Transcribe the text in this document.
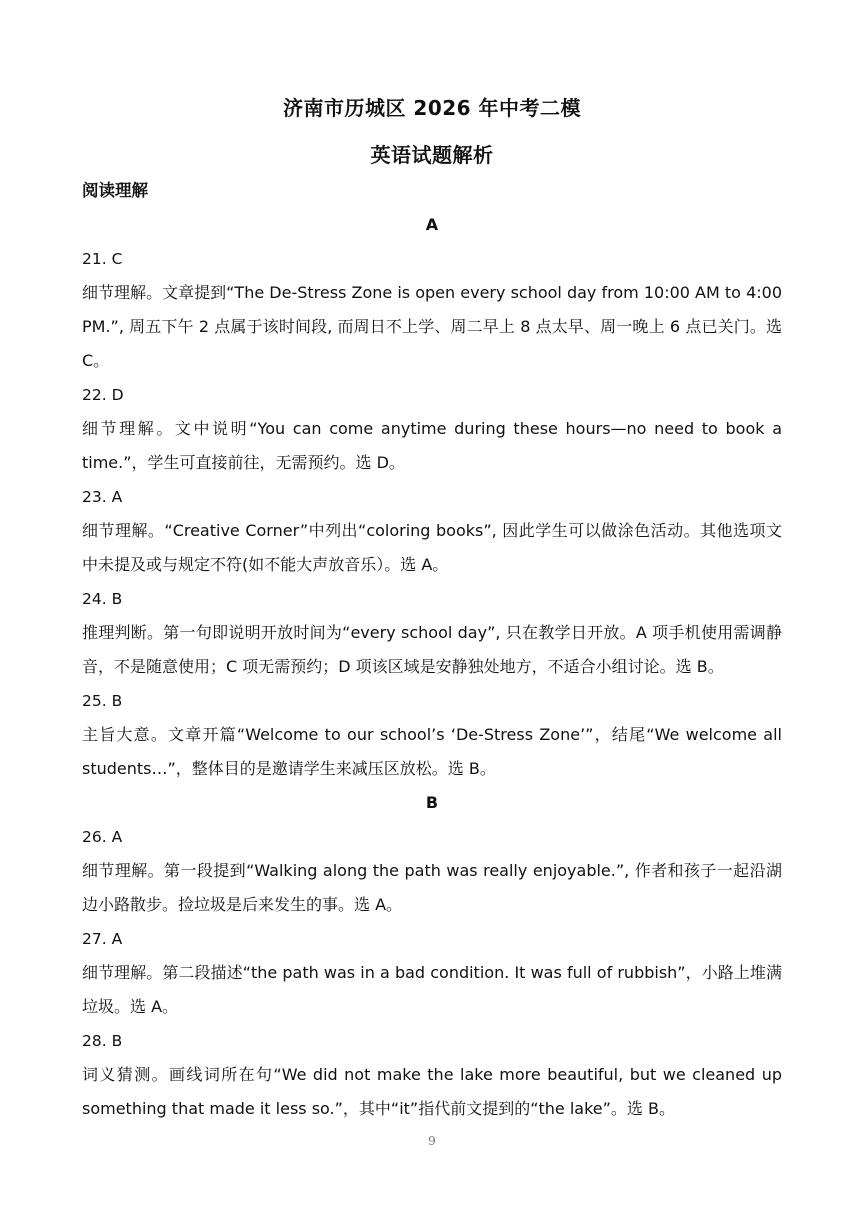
济南市历城区 2026 年中考二模
英语试题解析

阅读理解

A

21. C

细节理解。文章提到“The De-Stress Zone is open every school day from 10:00 AM to 4:00 PM.”, 周五下午 2 点属于该时间段, 而周日不上学、周二早上 8 点太早、周一晚上 6 点已关门。选 C。

22. D

细节理解。文中说明“You can come anytime during these hours—no need to book a time.”，学生可直接前往，无需预约。选 D。

23. A

细节理解。“Creative Corner”中列出“coloring books”, 因此学生可以做涂色活动。其他选项文中未提及或与规定不符(如不能大声放音乐）。选 A。

24. B

推理判断。第一句即说明开放时间为“every school day”, 只在教学日开放。A 项手机使用需调静音，不是随意使用；C 项无需预约；D 项该区域是安静独处地方，不适合小组讨论。选 B。

25. B

主旨大意。文章开篇“Welcome to our school’s ‘De-Stress Zone’”，结尾“We welcome all students…”，整体目的是邀请学生来减压区放松。选 B。

B

26. A

细节理解。第一段提到“Walking along the path was really enjoyable.”, 作者和孩子一起沿湖边小路散步。捡垃圾是后来发生的事。选 A。

27. A

细节理解。第二段描述“the path was in a bad condition. It was full of rubbish”，小路上堆满垃圾。选 A。

28. B

词义猜测。画线词所在句“We did not make the lake more beautiful, but we cleaned up something that made it less so.”，其中“it”指代前文提到的“the lake”。选 B。

9
